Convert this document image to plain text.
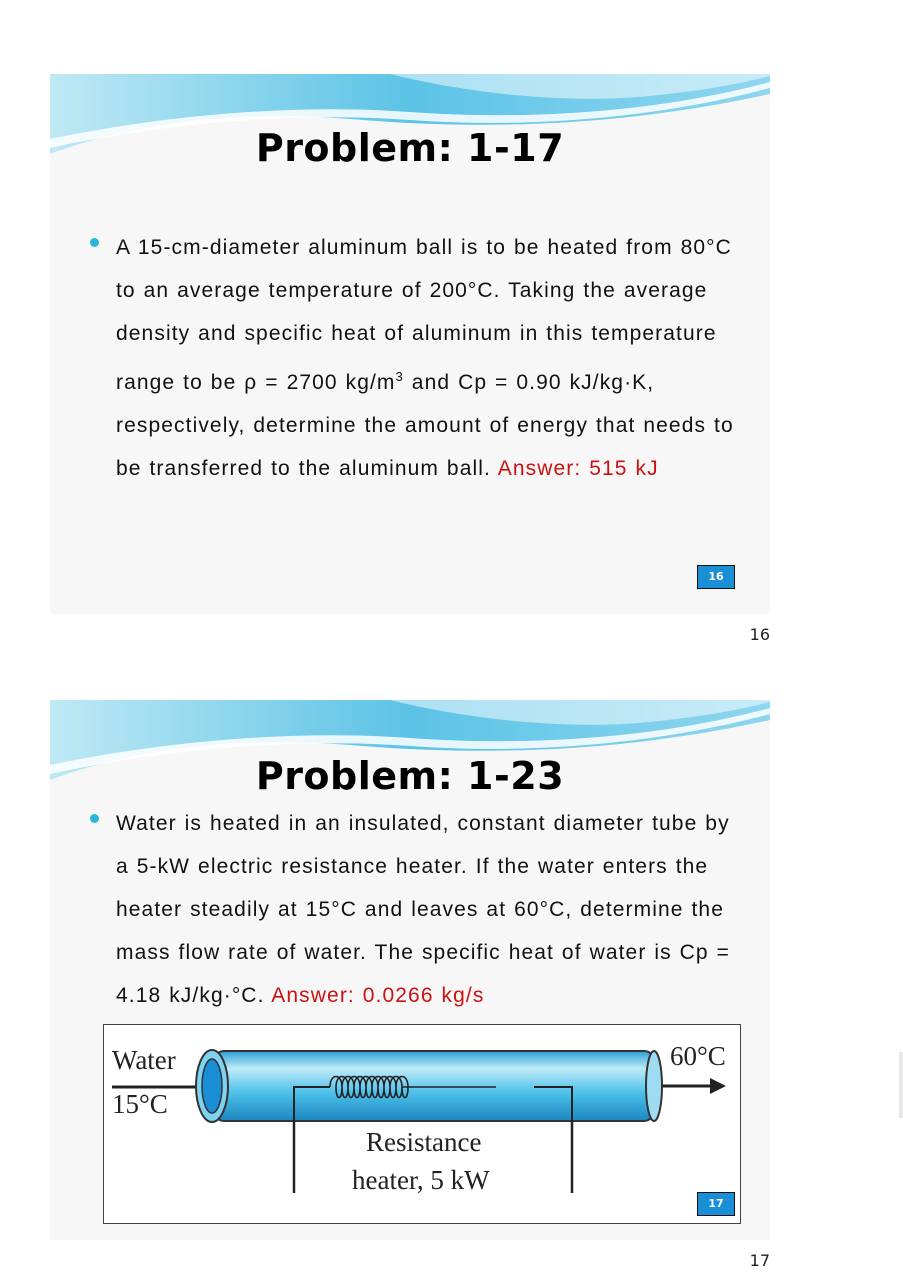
Problem: 1-17
A 15-cm-diameter aluminum ball is to be heated from 80°C to an average temperature of 200°C. Taking the average density and specific heat of aluminum in this temperature range to be ρ = 2700 $kg/m^3$ and Cp = 0.90 kJ/kg·K, respectively, determine the amount of energy that needs to be transferred to the aluminum ball. Answer: 515 kJ
16
16
Problem: 1-23
Water is heated in an insulated, constant diameter tube by a 5-kW electric resistance heater. If the water enters the heater steadily at 15°C and leaves at 60°C, determine the mass flow rate of water. The specific heat of water is Cp = 4.18 kJ/kg·°C. Answer: 0.0266 kg/s
Water
15°C
60°C
Resistance
heater, 5 kW
17
17
